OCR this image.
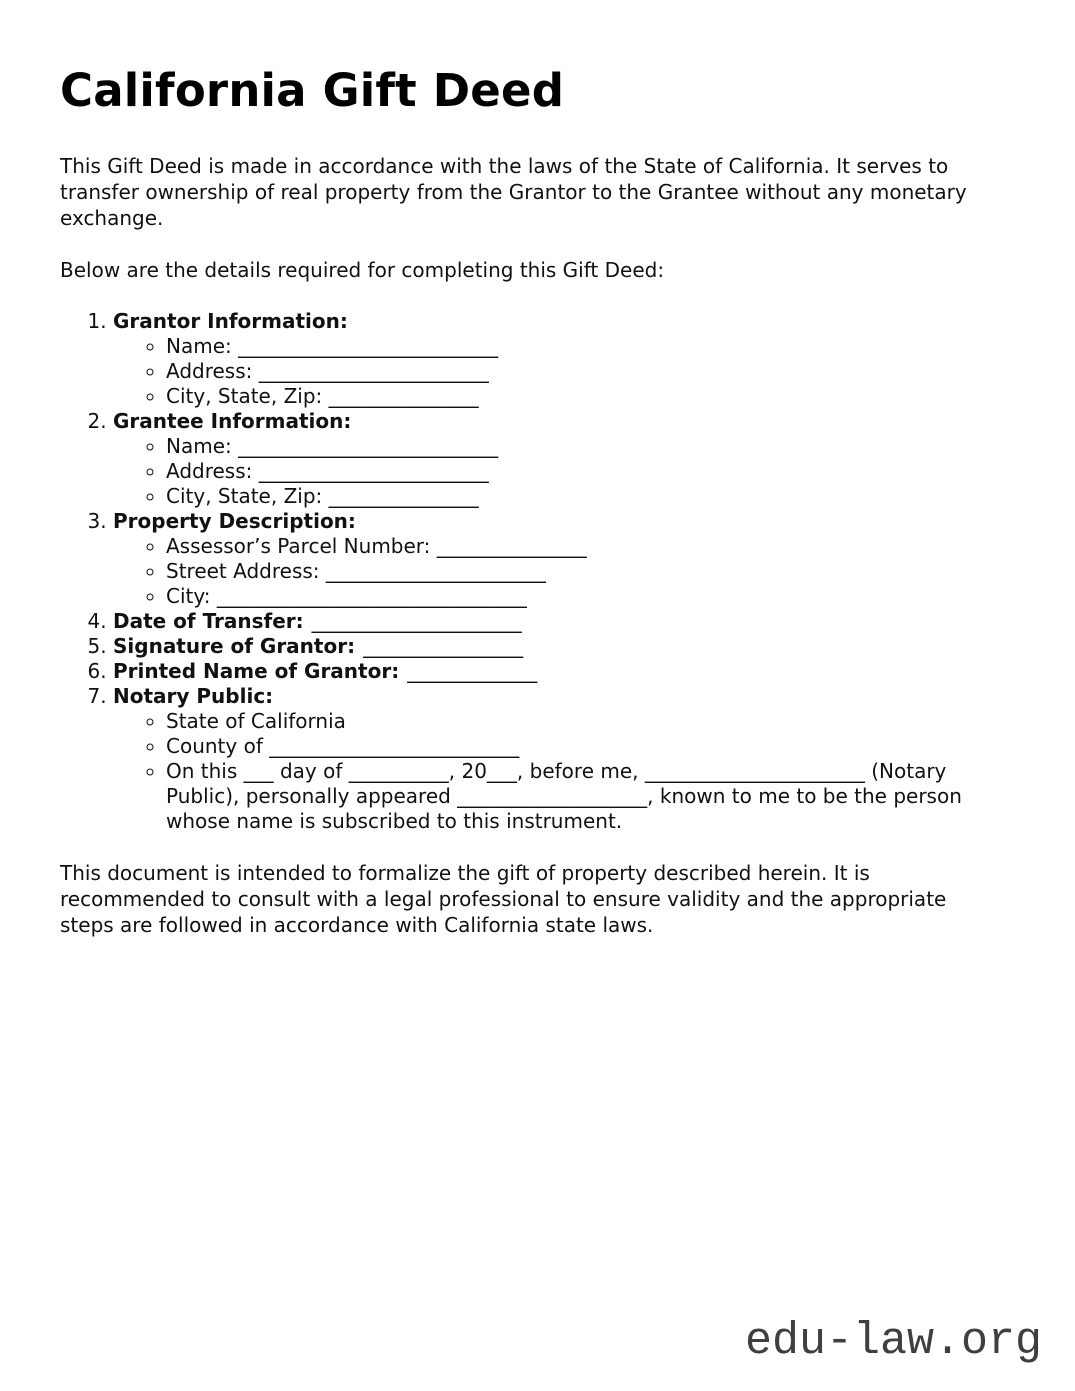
California Gift Deed

This Gift Deed is made in accordance with the laws of the State of California. It serves to transfer ownership of real property from the Grantor to the Grantee without any monetary exchange.

Below are the details required for completing this Gift Deed:

1. Grantor Information:
◦ Name: __________________________
◦ Address: _______________________
◦ City, State, Zip: _______________
2. Grantee Information:
◦ Name: __________________________
◦ Address: _______________________
◦ City, State, Zip: _______________
3. Property Description:
◦ Assessor’s Parcel Number: _______________
◦ Street Address: ______________________
◦ City: _______________________________
4. Date of Transfer: _____________________
5. Signature of Grantor: ________________
6. Printed Name of Grantor: _____________
7. Notary Public:
◦ State of California
◦ County of _________________________
◦ On this ___ day of __________, 20___, before me, ______________________ (Notary Public), personally appeared ___________________, known to me to be the person whose name is subscribed to this instrument.

This document is intended to formalize the gift of property described herein. It is recommended to consult with a legal professional to ensure validity and the appropriate steps are followed in accordance with California state laws.

edu-law.org
